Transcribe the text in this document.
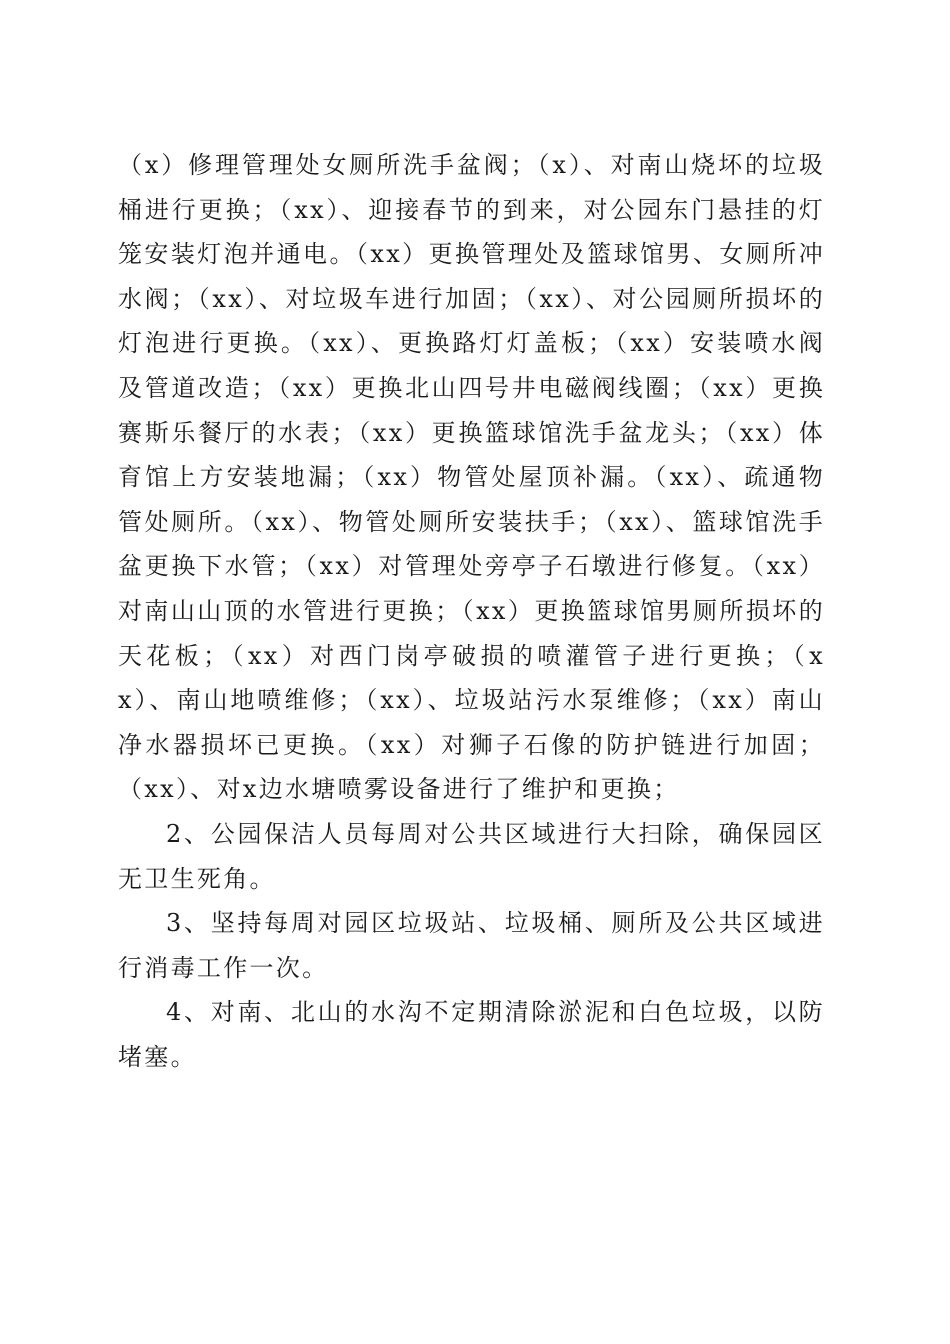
（x）修理管理处女厕所洗手盆阀；（x）、对南山烧坏的垃圾桶进行更换；（xx）、迎接春节的到来，对公园东门悬挂的灯笼安装灯泡并通电。（xx）更换管理处及篮球馆男、女厕所冲水阀；（xx）、对垃圾车进行加固；（xx）、对公园厕所损坏的灯泡进行更换。（xx）、更换路灯灯盖板；（xx）安装喷水阀及管道改造；（xx）更换北山四号井电磁阀线圈；（xx）更换赛斯乐餐厅的水表；（xx）更换篮球馆洗手盆龙头；（xx）体育馆上方安装地漏；（xx）物管处屋顶补漏。（xx）、疏通物管处厕所。（xx）、物管处厕所安装扶手；（xx）、篮球馆洗手盆更换下水管；（xx）对管理处旁亭子石墩进行修复。（xx）对南山山顶的水管进行更换；（xx）更换篮球馆男厕所损坏的天花板；（xx）对西门岗亭破损的喷灌管子进行更换；（xx）、南山地喷维修；（xx）、垃圾站污水泵维修；（xx）南山净水器损坏已更换。（xx）对狮子石像的防护链进行加固；（xx）、对x边水塘喷雾设备进行了维护和更换；

2、公园保洁人员每周对公共区域进行大扫除，确保园区无卫生死角。

3、坚持每周对园区垃圾站、垃圾桶、厕所及公共区域进行消毒工作一次。

4、对南、北山的水沟不定期清除淤泥和白色垃圾，以防堵塞。
